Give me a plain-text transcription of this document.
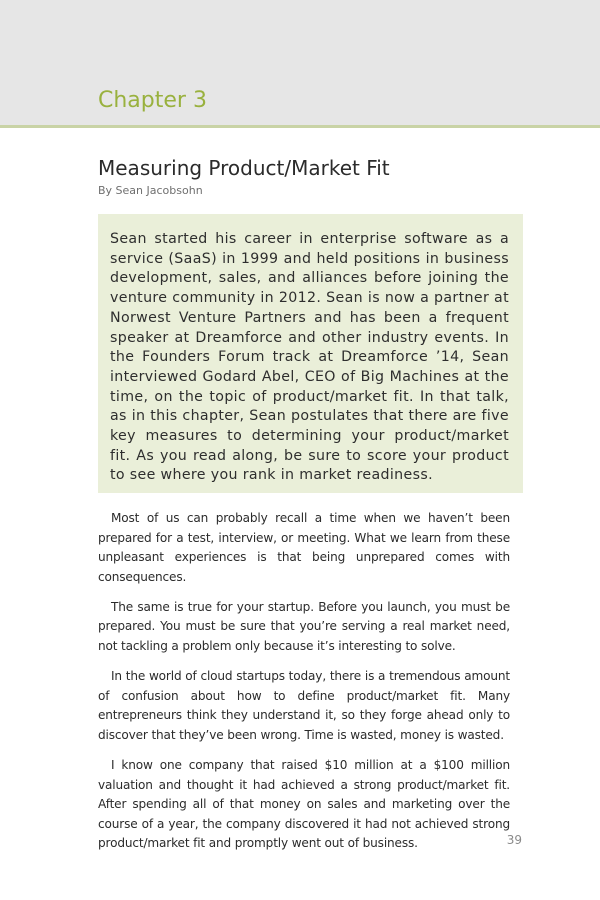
Chapter 3
Measuring Product/Market Fit

By Sean Jacobsohn

Sean started his career in enterprise software as a service (SaaS) in 1999 and held positions in business development, sales, and alliances before joining the venture community in 2012. Sean is now a partner at Norwest Venture Partners and has been a frequent speaker at Dreamforce and other industry events. In the Founders Forum track at Dreamforce ’14, Sean interviewed Godard Abel, CEO of Big Machines at the time, on the topic of product/market fit. In that talk, as in this chapter, Sean postulates that there are five key measures to determining your product/market fit. As you read along, be sure to score your product to see where you rank in market readiness.

Most of us can probably recall a time when we haven’t been prepared for a test, interview, or meeting. What we learn from these unpleasant experiences is that being unprepared comes with consequences.

The same is true for your startup. Before you launch, you must be prepared. You must be sure that you’re serving a real market need, not tackling a problem only because it’s interesting to solve.

In the world of cloud startups today, there is a tremendous amount of confusion about how to define product/market fit. Many entrepreneurs think they understand it, so they forge ahead only to discover that they’ve been wrong. Time is wasted, money is wasted.

I know one company that raised $10 million at a $100 million valuation and thought it had achieved a strong product/market fit. After spending all of that money on sales and marketing over the course of a year, the company discovered it had not achieved strong product/market fit and promptly went out of business.	39
